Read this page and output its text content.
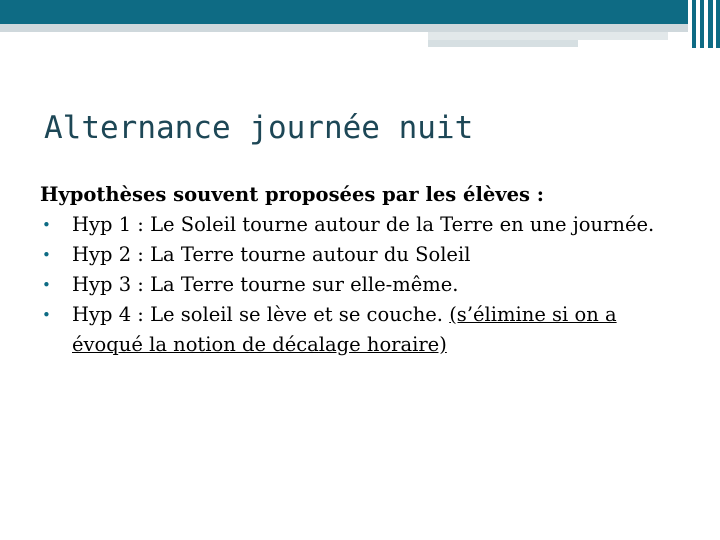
Alternance journée nuit

Hypothèses souvent proposées par les élèves :

• Hyp 1 : Le Soleil tourne autour de la Terre en une journée.
• Hyp 2 : La Terre tourne autour du Soleil
• Hyp 3 : La Terre tourne sur elle-même.
• Hyp 4 : Le soleil se lève et se couche. (s’élimine si on a évoqué la notion de décalage horaire)
